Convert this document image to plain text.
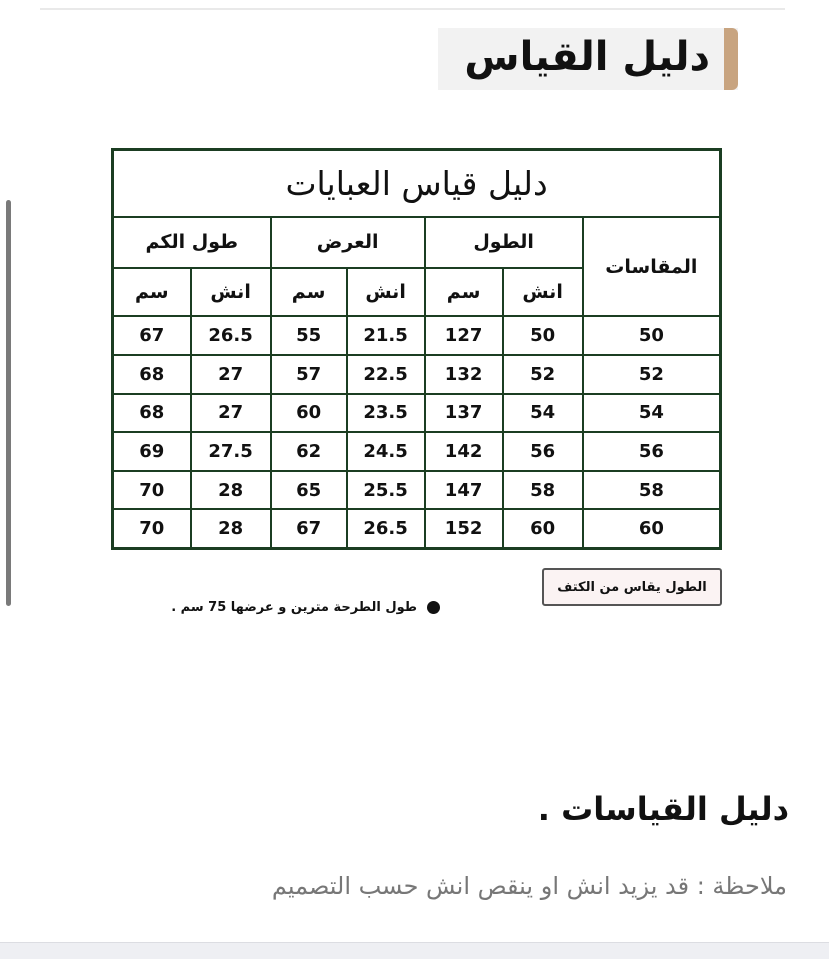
دليل القياس
دليل قياس العبايات						
المقاسات	الطول		العرض		طول الكم	
	انش	سم	انش	سم	انش	سم
50	50	127	21.5	55	26.5	67
52	52	132	22.5	57	27	68
54	54	137	23.5	60	27	68
56	56	142	24.5	62	27.5	69
58	58	147	25.5	65	28	70
60	60	152	26.5	67	28	70
الطول يقاس من الكتف
طول الطرحة مترين و عرضها 75 سم .
دليل القياسات .
ملاحظة : قد يزيد انش او ينقص انش حسب التصميم
